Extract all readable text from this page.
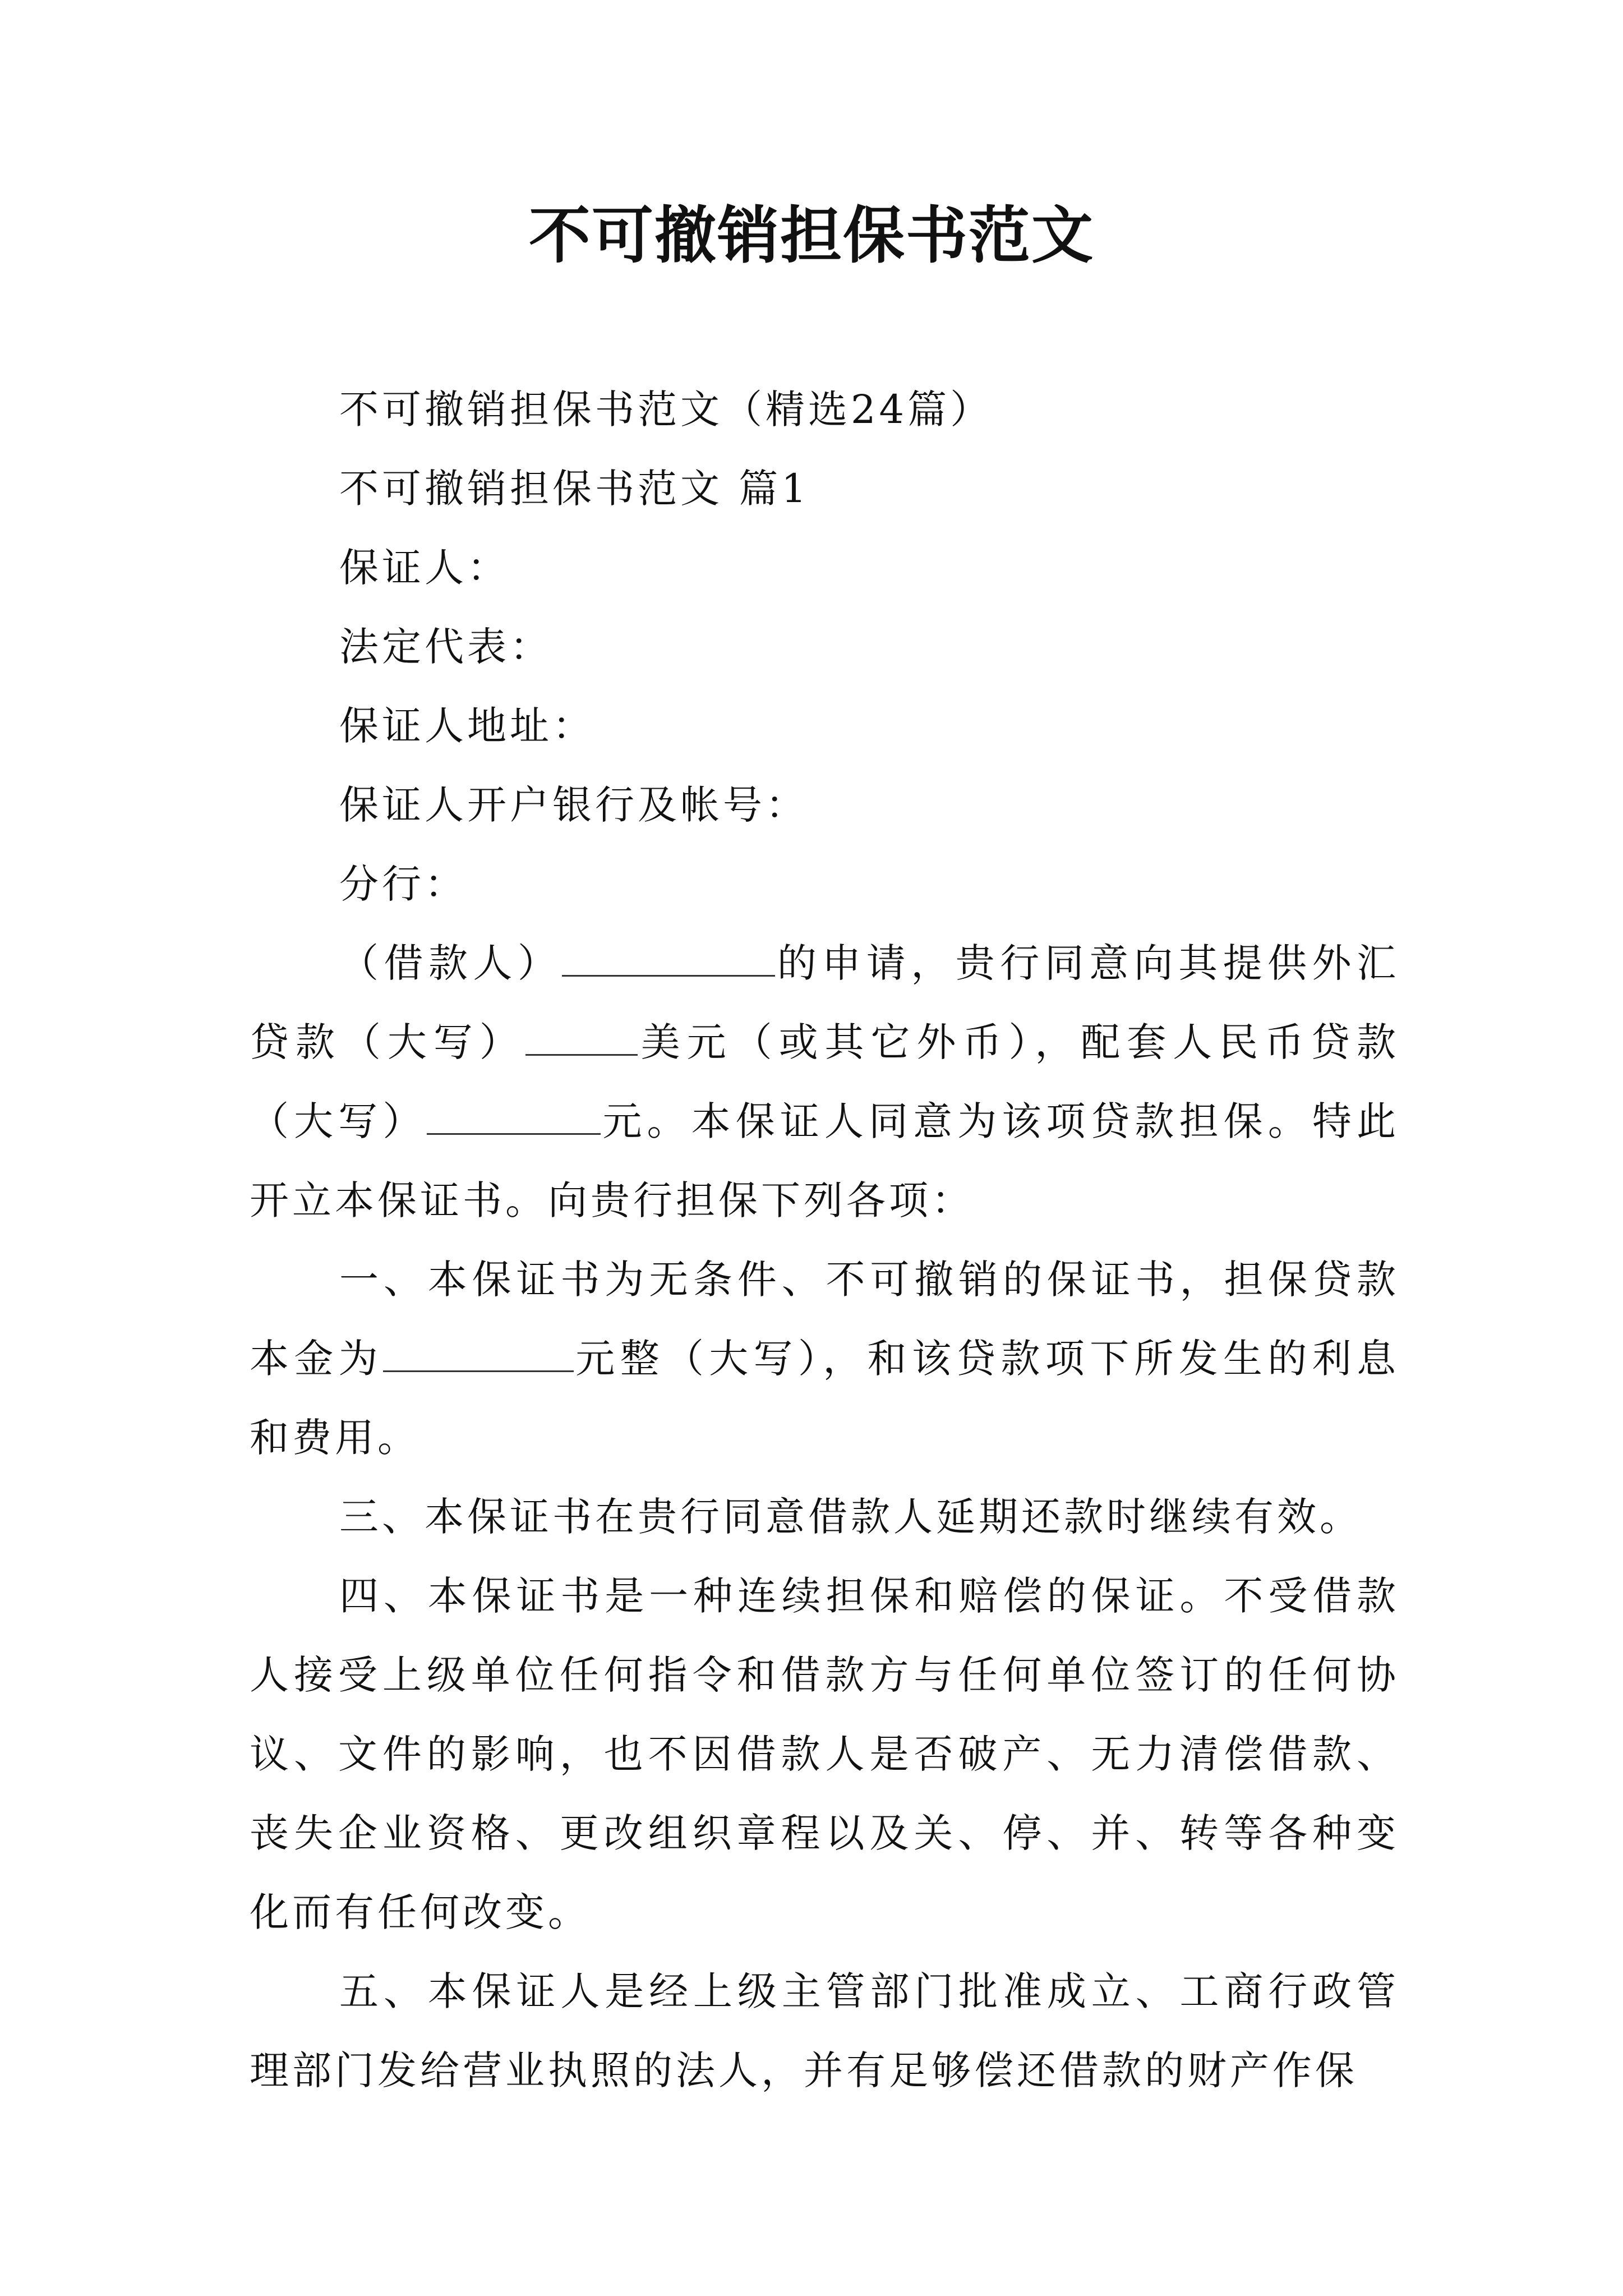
不可撤销担保书范文

不可撤销担保书范文（精选24篇）

不可撤销担保书范文 篇1

保证人：

法定代表：

保证人地址：

保证人开户银行及帐号：

分行：

（借款人）	的申请，贵行同意向其提供外汇贷款（大写）	美元（或其它外币），配套人民币贷款（大写）	元。本保证人同意为该项贷款担保。特此开立本保证书。向贵行担保下列各项：

一、本保证书为无条件、不可撤销的保证书，担保贷款本金为	元整（大写），和该贷款项下所发生的利息和费用。

三、本保证书在贵行同意借款人延期还款时继续有效。

四、本保证书是一种连续担保和赔偿的保证。不受借款人接受上级单位任何指令和借款方与任何单位签订的任何协议、文件的影响，也不因借款人是否破产、无力清偿借款、丧失企业资格、更改组织章程以及关、停、并、转等各种变化而有任何改变。

五、本保证人是经上级主管部门批准成立、工商行政管理部门发给营业执照的法人，并有足够偿还借款的财产作保
